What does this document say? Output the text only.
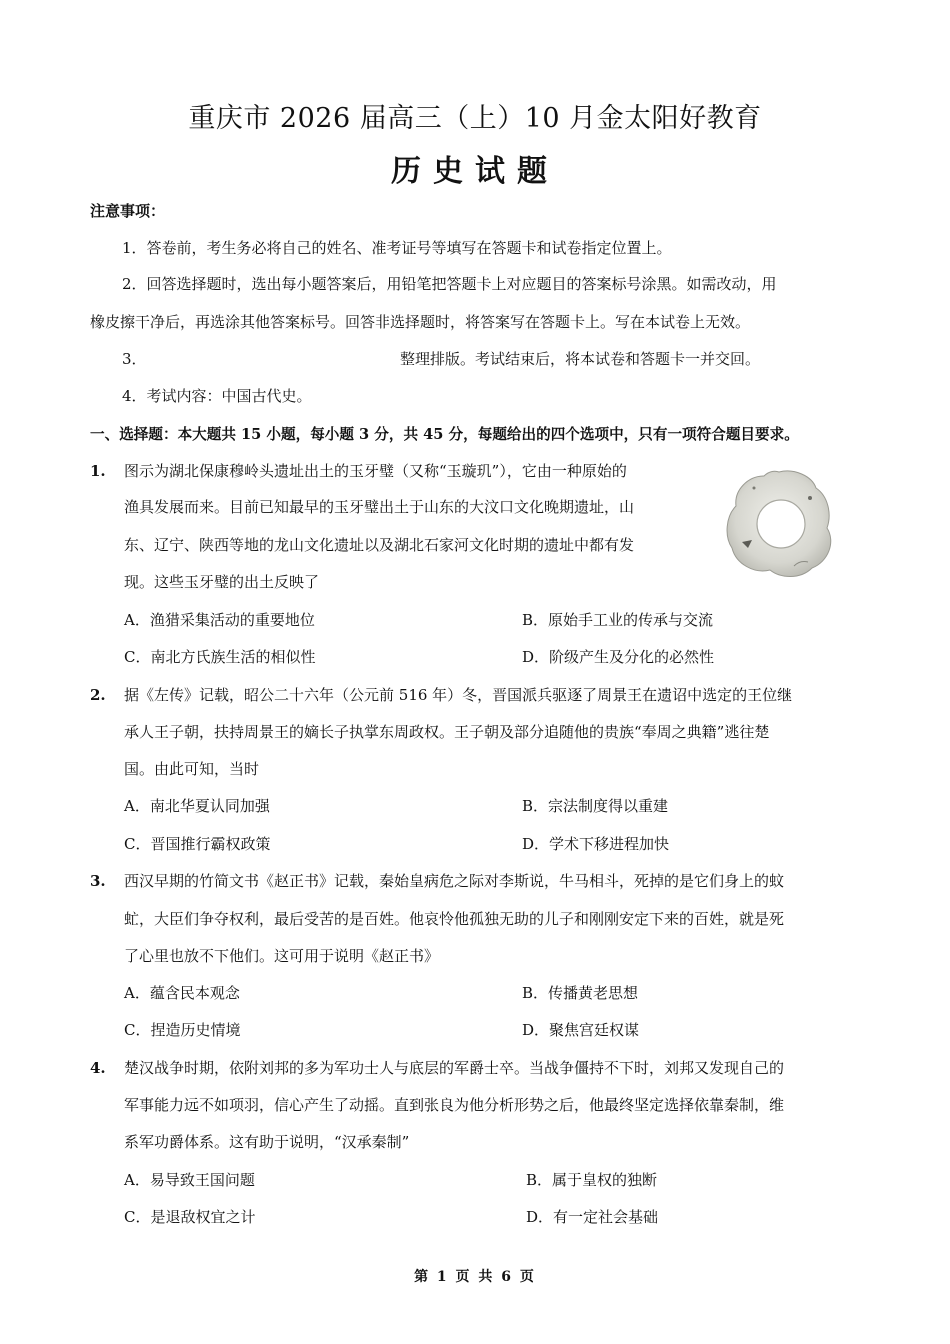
重庆市 2026 届高三（上）10 月金太阳好教育
历史试题
注意事项：
1．答卷前，考生务必将自己的姓名、准考证号等填写在答题卡和试卷指定位置上。
2．回答选择题时，选出每小题答案后，用铅笔把答题卡上对应题目的答案标号涂黑。如需改动，用
橡皮擦干净后，再选涂其他答案标号。回答非选择题时，将答案写在答题卡上。写在本试卷上无效。
3．	整理排版。考试结束后，将本试卷和答题卡一并交回。
4．考试内容：中国古代史。
一、选择题：本大题共 15 小题，每小题 3 分，共 45 分，每题给出的四个选项中，只有一项符合题目要求。
1. 图示为湖北保康穆岭头遗址出土的玉牙璧（又称“玉璇玑”），它由一种原始的
渔具发展而来。目前已知最早的玉牙璧出土于山东的大汶口文化晚期遗址，山
东、辽宁、陕西等地的龙山文化遗址以及湖北石家河文化时期的遗址中都有发
现。这些玉牙璧的出土反映了
A．渔猎采集活动的重要地位	B．原始手工业的传承与交流
C．南北方氏族生活的相似性	D．阶级产生及分化的必然性
2. 据《左传》记载，昭公二十六年（公元前 516 年）冬，晋国派兵驱逐了周景王在遗诏中选定的王位继
承人王子朝，扶持周景王的嫡长子执掌东周政权。王子朝及部分追随他的贵族“奉周之典籍”逃往楚
国。由此可知，当时
A．南北华夏认同加强	B．宗法制度得以重建
C．晋国推行霸权政策	D．学术下移进程加快
3. 西汉早期的竹简文书《赵正书》记载，秦始皇病危之际对李斯说，牛马相斗，死掉的是它们身上的蚊
虻，大臣们争夺权利，最后受苦的是百姓。他哀怜他孤独无助的儿子和刚刚安定下来的百姓，就是死
了心里也放不下他们。这可用于说明《赵正书》
A．蕴含民本观念	B．传播黄老思想
C．捏造历史情境	D．聚焦宫廷权谋
4. 楚汉战争时期，依附刘邦的多为军功士人与底层的军爵士卒。当战争僵持不下时，刘邦又发现自己的
军事能力远不如项羽，信心产生了动摇。直到张良为他分析形势之后，他最终坚定选择依靠秦制，维
系军功爵体系。这有助于说明，“汉承秦制”
A．易导致王国问题	B．属于皇权的独断
C．是退敌权宜之计	D．有一定社会基础
第 1 页 共 6 页
